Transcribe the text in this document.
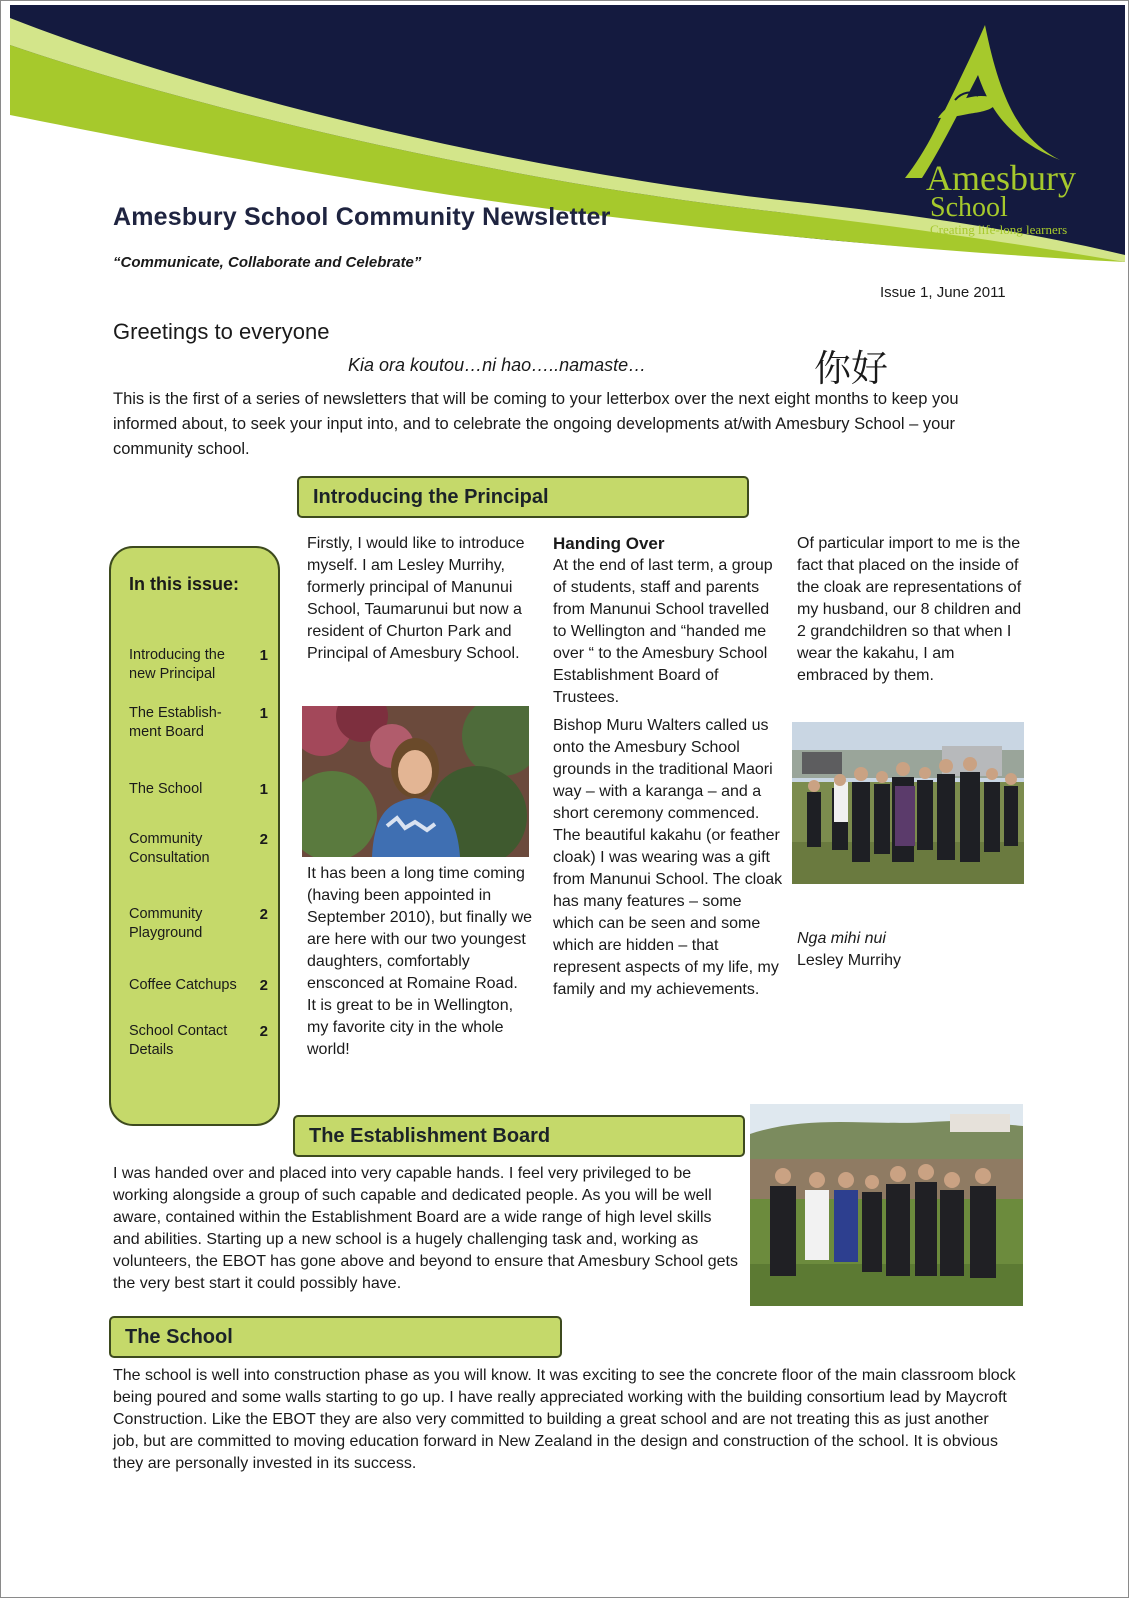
Amesbury
School
Creating life-long learners
Amesbury School Community Newsletter
“Communicate, Collaborate and Celebrate”
Issue 1, June 2011
Greetings to everyone
Kia ora koutou…ni hao…..namaste…	你好
This is the first of a series of newsletters that will be coming to your letterbox over the next eight months to keep you informed about, to seek your input into, and to celebrate the ongoing developments at/with Amesbury School – your community school.
Introducing the Principal
In this issue:
Introducing the new Principal
1
The Establish-ment Board
1
The School	1
Community Consultation
2
Community Playground
2
Coffee Catchups 2
School Contact Details
2

Firstly, I would like to introduce myself. I am Lesley Murrihy, formerly principal of Manunui School, Taumarunui but now a resident of Churton Park and Principal of Amesbury School.

It has been a long time coming (having been appointed in September 2010), but finally we are here with our two youngest daughters, comfortably ensconced at Romaine Road.

It is great to be in Wellington, my favorite city in the whole world!

Handing Over

At the end of last term, a group of students, staff and parents from Manunui School travelled to Wellington and “handed me over “ to the Amesbury School Establishment Board of Trustees.

Bishop Muru Walters called us onto the Amesbury School grounds in the traditional Maori way – with a karanga – and a short ceremony commenced.

The beautiful kakahu (or feather cloak) I was wearing was a gift from Manunui School. The cloak has many features – some which can be seen and some which are hidden – that represent aspects of my life, my family and my achievements.

Of particular import to me is the fact that placed on the inside of the cloak are representations of my husband, our 8 children and 2 grandchildren so that when I wear the kakahu, I am embraced by them.

Nga mihi nui
Lesley Murrihy
The Establishment Board
I was handed over and placed into very capable hands. I feel very privileged to be working alongside a group of such capable and dedicated people. As you will be well aware, contained within the Establishment Board are a wide range of high level skills and abilities. Starting up a new school is a hugely challenging task and, working as volunteers, the EBOT has gone above and beyond to ensure that Amesbury School gets the very best start it could possibly have.
The School
The school is well into construction phase as you will know. It was exciting to see the concrete floor of the main classroom block being poured and some walls starting to go up. I have really appreciated working with the building consortium lead by Maycroft Construction. Like the EBOT they are also very committed to building a great school and are not treating this as just another job, but are committed to moving education forward in New Zealand in the design and construction of the school. It is obvious they are personally invested in its success.
